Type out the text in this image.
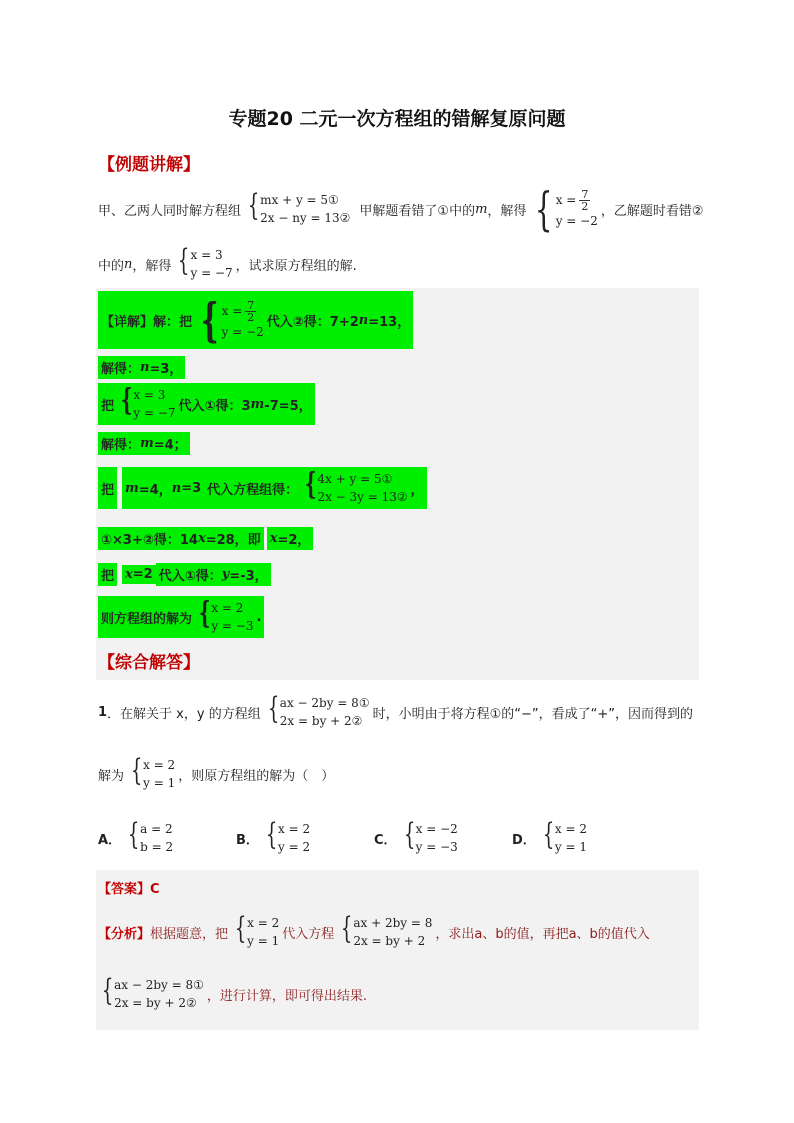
专题20 二元一次方程组的错解复原问题
【例题讲解】
甲、乙两人同时解方程组 { mx + y = 5①
2x − ny = 13② 甲解题看错了①中的 m ，解得 { $x = \frac{7}{2}$
y = −2
，乙解题时看错②
中的 n ，解得 { x = 3
y = −7 ，试求原方程组的解.
【详解】解：把 { $x = \frac{7}{2}$
y = −2
代入②得：7+2 n =13，
解得： n =3，
把 { x = 3
y = −7 代入①得：3 m -7=5，
解得： m =4；
把 m =4， n =3 代入方程组得： { 4x + y = 5①
2x − 3y = 13② ，
①×3+②得：14 x =28，即 x =2，
把 x =2 代入①得： y =-3，
则方程组的解为 { x = 2
y = −3
.
【综合解答】
1 ．在解关于 x，y 的方程组 { ax − 2by = 8①
2x = by + 2② 时，小明由于将方程①的“−”，看成了“+”，因而得到的
解为 { x = 2
y = 1 ，则原方程组的解为（　）
A． { a = 2
b = 2	B． { x = 2
y = 2	C． { x = −2
y = −3	D． { x = 2
y = 1
【答案】C
【分析】 根据题意，把 { x = 2
y = 1 代入方程 { ax + 2by = 8
2x = by + 2 ，求出a、b的值，再把a、b的值代入
{ ax − 2by = 8①
2x = by + 2② ，进行计算，即可得出结果.
